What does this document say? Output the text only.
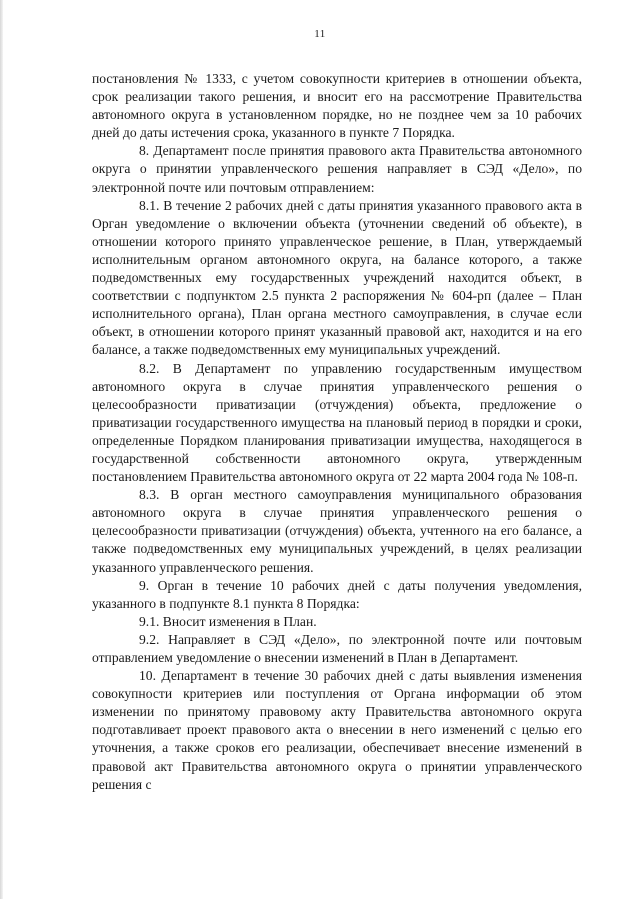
11

постановления № 1333, с учетом совокупности критериев в отношении объекта, срок реализации такого решения, и вносит его на рассмотрение Правительства автономного округа в установленном порядке, но не позднее чем за 10 рабочих дней до даты истечения срока, указанного в пункте 7 Порядка.

8. Департамент после принятия правового акта Правительства автономного округа о принятии управленческого решения направляет в СЭД «Дело», по электронной почте или почтовым отправлением:

8.1. В течение 2 рабочих дней с даты принятия указанного правового акта в Орган уведомление о включении объекта (уточнении сведений об объекте), в отношении которого принято управленческое решение, в План, утверждаемый исполнительным органом автономного округа, на балансе которого, а также подведомственных ему государственных учреждений находится объект, в соответствии с подпунктом 2.5 пункта 2 распоряжения № 604-рп (далее – План исполнительного органа), План органа местного самоуправления, в случае если объект, в отношении которого принят указанный правовой акт, находится и на его балансе, а также подведомственных ему муниципальных учреждений.

8.2. В Департамент по управлению государственным имуществом автономного округа в случае принятия управленческого решения о целесообразности приватизации (отчуждения) объекта, предложение о приватизации государственного имущества на плановый период в порядки и сроки, определенные Порядком планирования приватизации имущества, находящегося в государственной собственности автономного округа, утвержденным постановлением Правительства автономного округа от 22 марта 2004 года № 108-п.

8.3. В орган местного самоуправления муниципального образования автономного округа в случае принятия управленческого решения о целесообразности приватизации (отчуждения) объекта, учтенного на его балансе, а также подведомственных ему муниципальных учреждений, в целях реализации указанного управленческого решения.

9. Орган в течение 10 рабочих дней с даты получения уведомления, указанного в подпункте 8.1 пункта 8 Порядка:

9.1. Вносит изменения в План.

9.2. Направляет в СЭД «Дело», по электронной почте или почтовым отправлением уведомление о внесении изменений в План в Департамент.

10. Департамент в течение 30 рабочих дней с даты выявления изменения совокупности критериев или поступления от Органа информации об этом изменении по принятому правовому акту Правительства автономного округа подготавливает проект правового акта о внесении в него изменений с целью его уточнения, а также сроков его реализации, обеспечивает внесение изменений в правовой акт Правительства автономного округа о принятии управленческого решения с
